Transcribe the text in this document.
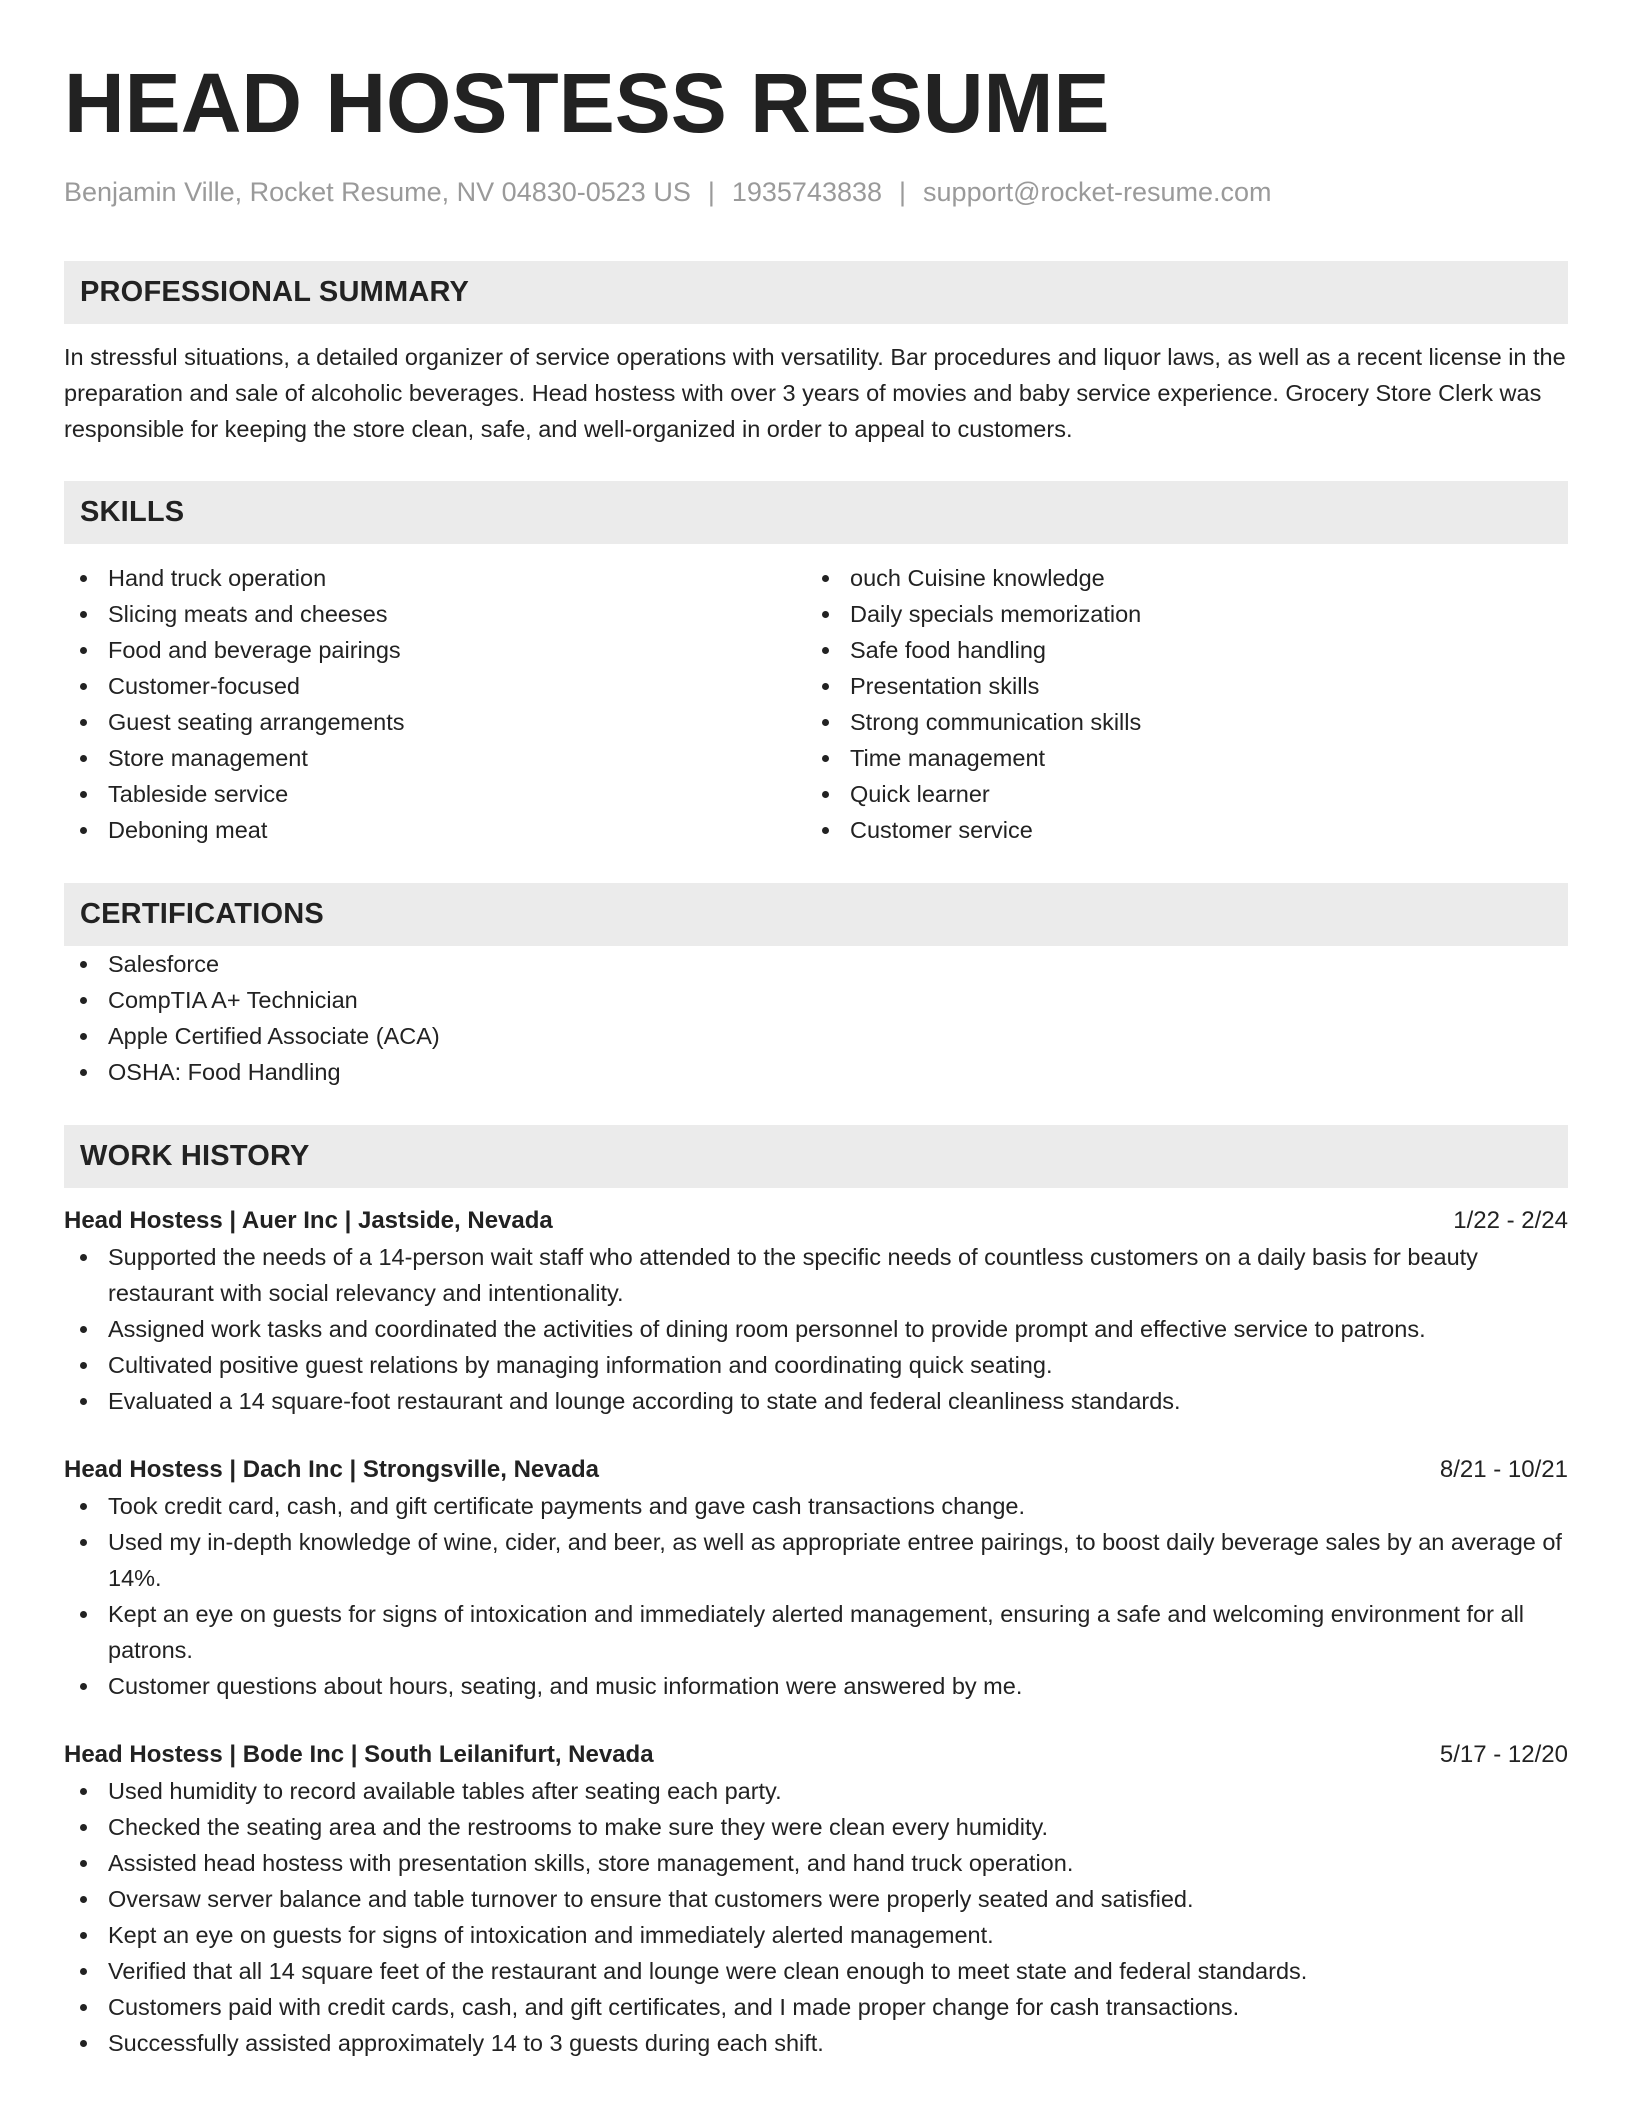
HEAD HOSTESS RESUME
Benjamin Ville, Rocket Resume, NV 04830-0523 US | 1935743838 | support@rocket-resume.com
PROFESSIONAL SUMMARY
In stressful situations, a detailed organizer of service operations with versatility. Bar procedures and liquor laws, as well as a recent license in the preparation and sale of alcoholic beverages. Head hostess with over 3 years of movies and baby service experience. Grocery Store Clerk was responsible for keeping the store clean, safe, and well-organized in order to appeal to customers.
SKILLS
Hand truck operation
Slicing meats and cheeses
Food and beverage pairings
Customer-focused
Guest seating arrangements
Store management
Tableside service
Deboning meat
ouch Cuisine knowledge
Daily specials memorization
Safe food handling
Presentation skills
Strong communication skills
Time management
Quick learner
Customer service
CERTIFICATIONS
Salesforce
CompTIA A+ Technician
Apple Certified Associate (ACA)
OSHA: Food Handling
WORK HISTORY
Head Hostess | Auer Inc | Jastside, Nevada	1/22 - 2/24
Supported the needs of a 14-person wait staff who attended to the specific needs of countless customers on a daily basis for beauty restaurant with social relevancy and intentionality.
Assigned work tasks and coordinated the activities of dining room personnel to provide prompt and effective service to patrons.
Cultivated positive guest relations by managing information and coordinating quick seating.
Evaluated a 14 square-foot restaurant and lounge according to state and federal cleanliness standards.
Head Hostess | Dach Inc | Strongsville, Nevada	8/21 - 10/21
Took credit card, cash, and gift certificate payments and gave cash transactions change.
Used my in-depth knowledge of wine, cider, and beer, as well as appropriate entree pairings, to boost daily beverage sales by an average of 14%.
Kept an eye on guests for signs of intoxication and immediately alerted management, ensuring a safe and welcoming environment for all patrons.
Customer questions about hours, seating, and music information were answered by me.
Head Hostess | Bode Inc | South Leilanifurt, Nevada	5/17 - 12/20
Used humidity to record available tables after seating each party.
Checked the seating area and the restrooms to make sure they were clean every humidity.
Assisted head hostess with presentation skills, store management, and hand truck operation.
Oversaw server balance and table turnover to ensure that customers were properly seated and satisfied.
Kept an eye on guests for signs of intoxication and immediately alerted management.
Verified that all 14 square feet of the restaurant and lounge were clean enough to meet state and federal standards.
Customers paid with credit cards, cash, and gift certificates, and I made proper change for cash transactions.
Successfully assisted approximately 14 to 3 guests during each shift.
